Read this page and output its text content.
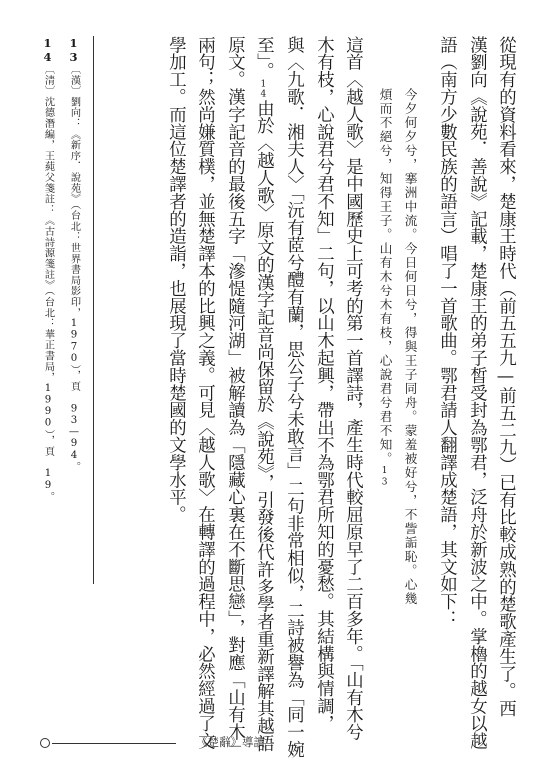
從現有的資料看來，楚康王時代（前五五九—前五二九）已有比較成熟的楚歌產生了。西
漢劉向《說苑．善說》記載，楚康王的弟子皙受封為鄂君，泛舟於新波之中。掌櫓的越女以越
語（南方少數民族的語言）唱了一首歌曲。鄂君請人翻譯成楚語，其文如下：
今夕何夕兮，搴洲中流。今日何日兮，得與王子同舟。蒙羞被好兮，不訾詬恥。心幾
煩而不絕兮，知得王子。山有木兮木有枝，心說君兮君不知。13
這首〈越人歌〉是中國歷史上可考的第一首譯詩，產生時代較屈原早了二百多年。「山有木兮
木有枝，心說君兮君不知」二句，以山木起興，帶出不為鄂君所知的憂愁。其結構與情調，
與〈九歌．湘夫人〉「沅有茝兮醴有蘭，思公子兮未敢言」二句非常相似，二詩被譽為「同一婉
至」。14由於〈越人歌〉原文的漢字記音尚保留於《說苑》，引發後代許多學者重新譯解其越語
原文。漢字記音的最後五字「滲惿隨河湖」被解讀為「隱藏心裏在不斷思戀」，對應「山有木」
兩句；然尚嫌質樸，並無楚譯本的比興之義。可見〈越人歌〉在轉譯的過程中，必然經過了文
學加工。而這位楚譯者的造詣，也展現了當時楚國的文學水平。
13〔漢〕劉向：《新序．說苑》（台北：世界書局影印，1970），頁 93—94。
14〔清〕沈德潛編，王蒓父箋註：《古詩源箋註》（台北：華正書局，1990），頁 19。
《楚辭》導讀
